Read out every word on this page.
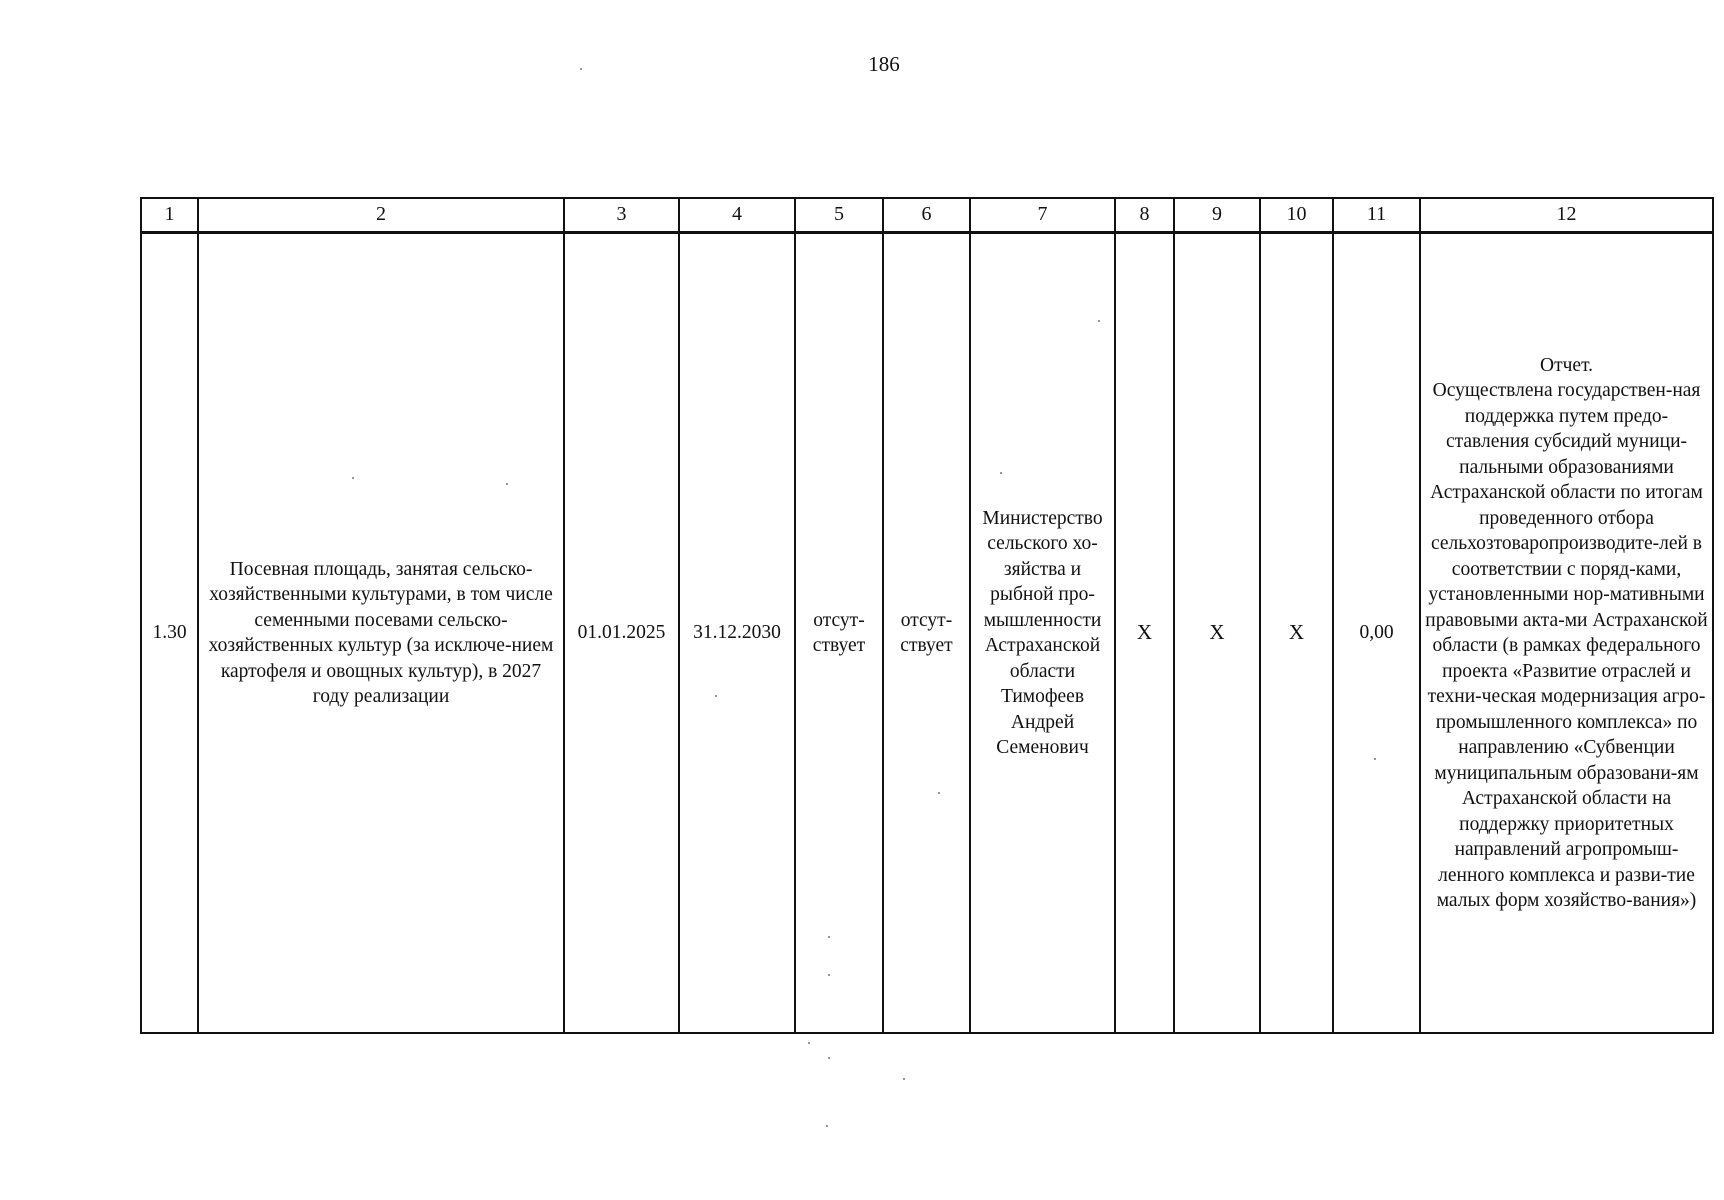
186
1	2	3	4	5	6	7	8	9	10	11	12
1.30	Посевная площадь, занятая сельско-хозяйственными культурами, в том числе семенными посевами сельско-хозяйственных культур (за исключе-нием картофеля и овощных культур), в 2027 году реализации	01.01.2025	31.12.2030	отсут-ствует	отсут-ствует	Министерство сельского хо-зяйства и рыбной про-мышленности Астраханской области Тимофеев Андрей Семенович	X	X	X	0,00	Отчет.
Осуществлена государствен-ная поддержка путем предо-ставления субсидий муници-пальными образованиями Астраханской области по итогам проведенного отбора сельхозтоваропроизводите-лей в соответствии с поряд-ками, установленными нор-мативными правовыми акта-ми Астраханской области (в рамках федерального проекта «Развитие отраслей и техни-ческая модернизация агро-промышленного комплекса» по направлению «Субвенции муниципальным образовани-ям Астраханской области на поддержку приоритетных направлений агропромыш-ленного комплекса и разви-тие малых форм хозяйство-вания»)
